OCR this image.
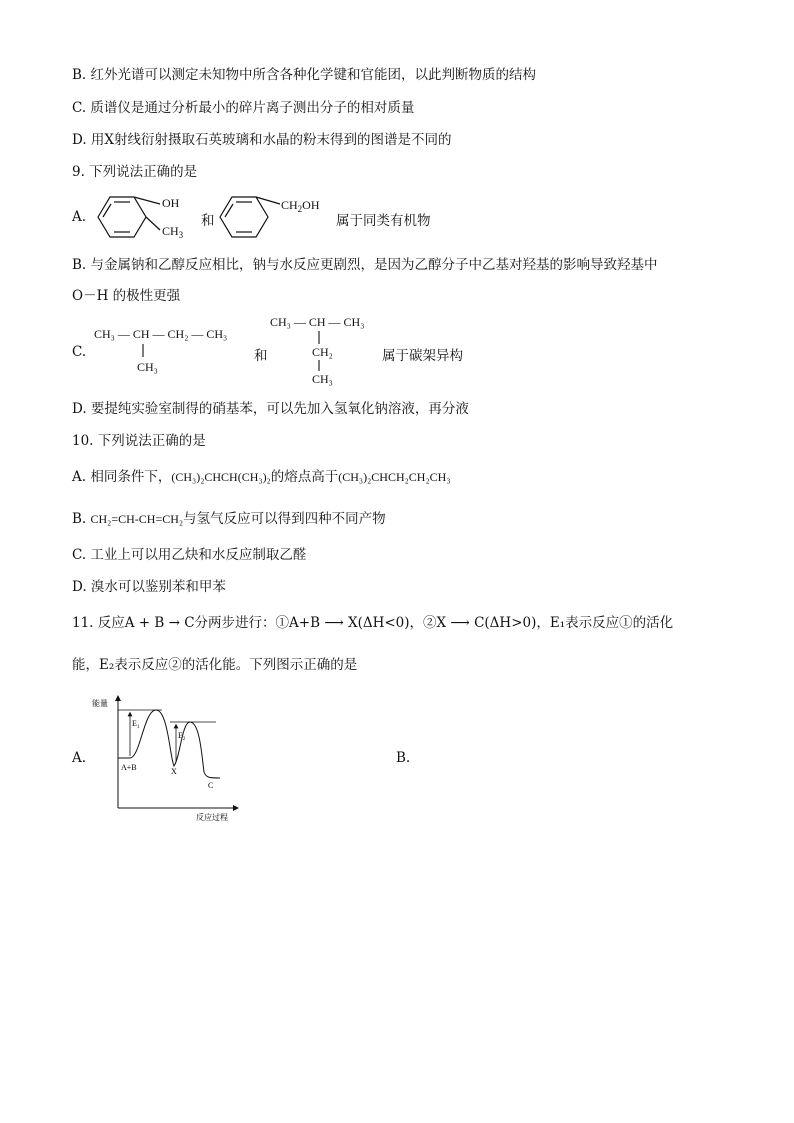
B. 红外光谱可以测定未知物中所含各种化学键和官能团，以此判断物质的结构
C. 质谱仪是通过分析最小的碎片离子测出分子的相对质量
D. 用X射线衍射摄取石英玻璃和水晶的粉末得到的图谱是不同的
9. 下列说法正确的是
A.
OH
$CH_3$
和
$CH_2OH$
属于同类有机物
B. 与金属钠和乙醇反应相比，钠与水反应更剧烈，是因为乙醇分子中乙基对羟基的影响导致羟基中
O－H 的极性更强
C.
CH₃ — CH — CH₂ — CH₃
CH₃
和
CH₃ — CH — CH₃
CH₂
CH₃
属于碳架异构
D. 要提纯实验室制得的硝基苯，可以先加入氢氧化钠溶液，再分液
10. 下列说法正确的是
A. 相同条件下，(CH₃)₂CHCH(CH₃)₂的熔点高于(CH₃)₂CHCH₂CH₂CH₃
B. CH₂=CH-CH=CH₂与氢气反应可以得到四种不同产物
C. 工业上可以用乙炔和水反应制取乙醛
D. 溴水可以鉴别苯和甲苯
11. 反应A + B → C分两步进行：①A+B ⟶ X(ΔH<0)，②X ⟶ C(ΔH>0)，E₁表示反应①的活化
能，E₂表示反应②的活化能。下列图示正确的是
A.	B.
能量
反应过程
$E_1$
$E_2$
A+B	X
C
